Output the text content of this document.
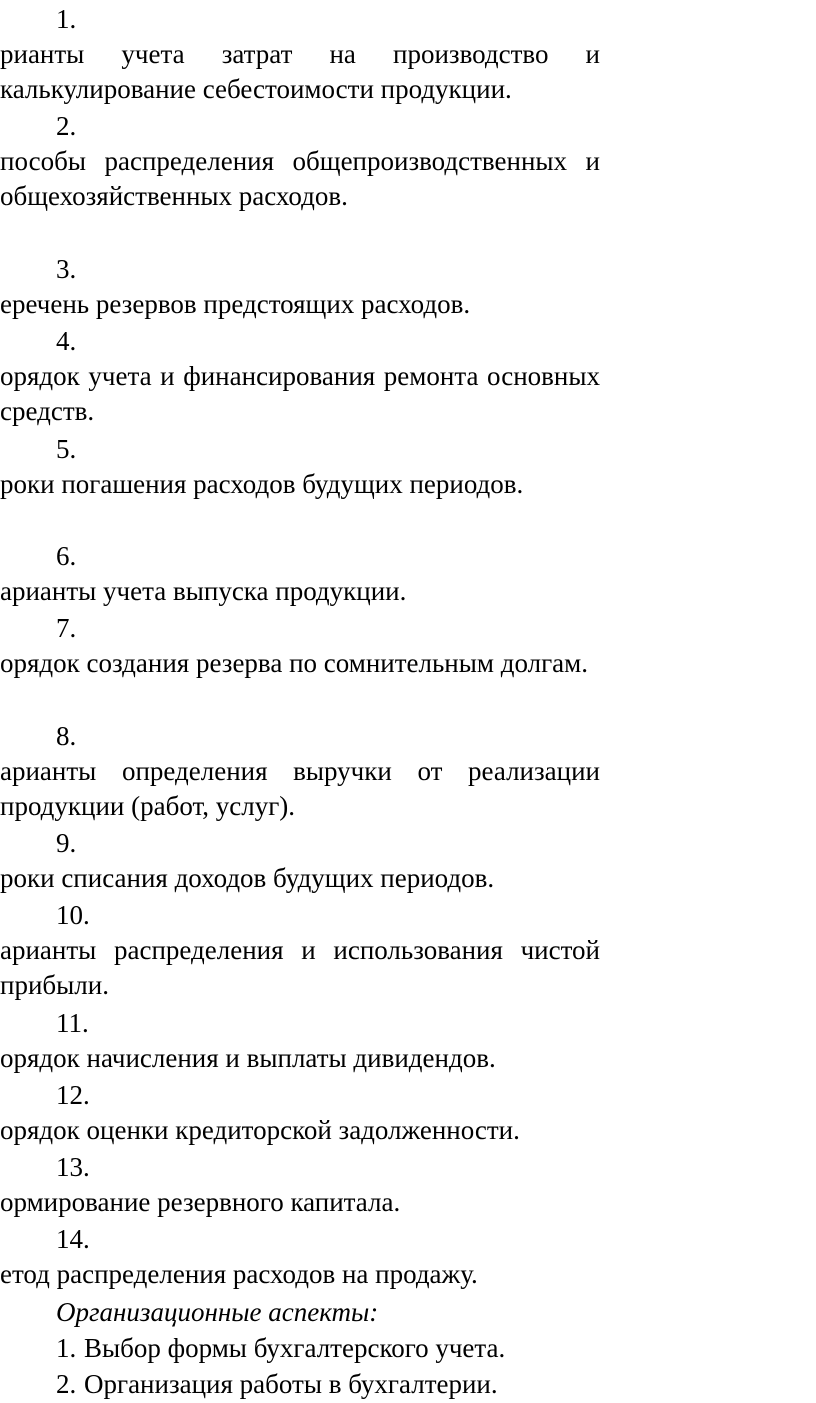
1.
рианты учета затрат на производство и калькулирование себестоимости продукции.
2.
пособы распределения общепроизводственных и общехозяйственных расходов.
3.
еречень резервов предстоящих расходов.
4.
орядок учета и финансирования ремонта основных средств.
5.
роки погашения расходов будущих периодов.
6.
арианты учета выпуска продукции.
7.
орядок создания резерва по сомнительным долгам.
8.
арианты определения выручки от реализации продукции (работ, услуг).
9.
роки списания доходов будущих периодов.
10.
арианты распределения и использования чистой прибыли.
11.
орядок начисления и выплаты дивидендов.
12.
орядок оценки кредиторской задолженности.
13.
ормирование резервного капитала.
14.
етод распределения расходов на продажу.
Организационные аспекты:
1. Выбор формы бухгалтерского учета.
2. Организация работы в бухгалтерии.
